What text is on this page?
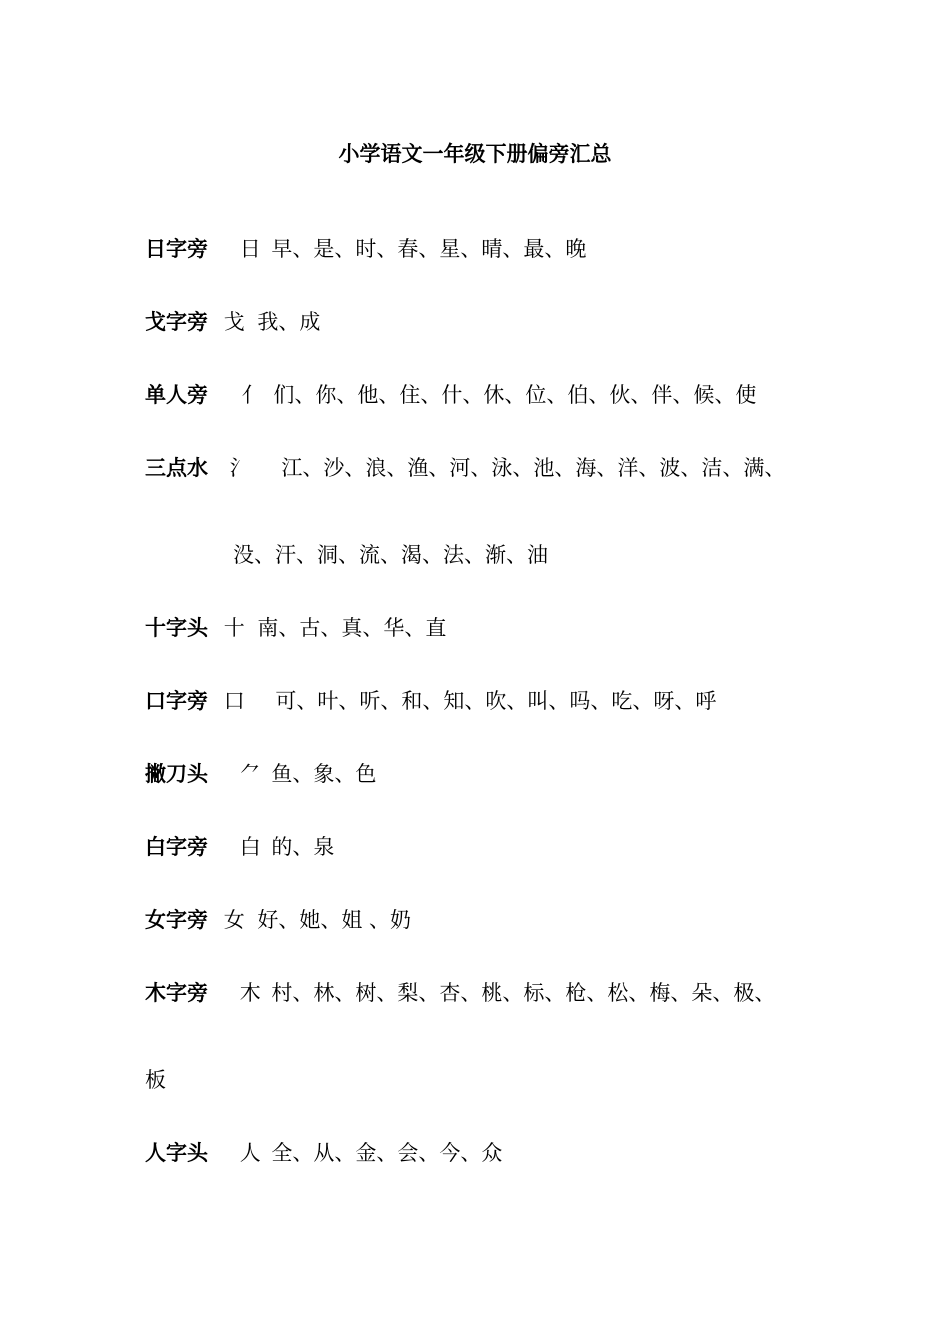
小学语文一年级下册偏旁汇总
日字旁 日 早、是、时、春、星、晴、最、晚
戈字旁 戈 我、成
单人旁 亻 们、你、他、住、什、休、位、伯、伙、伴、候、使
三点水 氵 江、沙、浪、渔、河、泳、池、海、洋、波、洁、满、
没、汗、洞、流、渴、法、渐、油
十字头 十 南、古、真、华、直
口字旁 口 可、叶、听、和、知、吹、叫、吗、吃、呀、呼
撇刀头 ⺈ 鱼、象、色
白字旁 白 的、泉
女字旁 女 好、她、姐 、奶
木字旁 木 村、林、树、梨、杏、桃、标、枪、松、梅、朵、极、
板
人字头 人 全、从、金、会、今、众
